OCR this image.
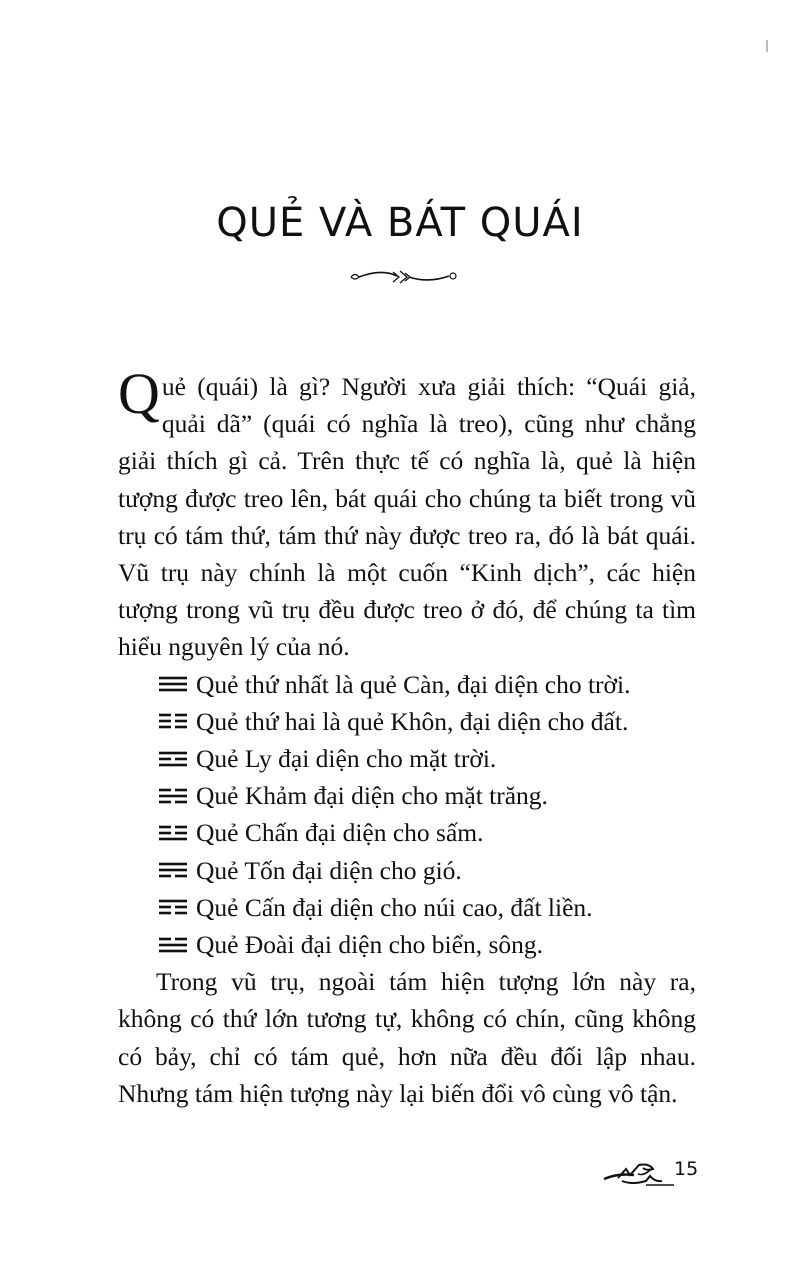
QUẺ VÀ BÁT QUÁI

Quẻ (quái) là gì? Người xưa giải thích: “Quái giả, quải dã” (quái có nghĩa là treo), cũng như chẳng giải thích gì cả. Trên thực tế có nghĩa là, quẻ là hiện tượng được treo lên, bát quái cho chúng ta biết trong vũ trụ có tám thứ, tám thứ này được treo ra, đó là bát quái. Vũ trụ này chính là một cuốn “Kinh dịch”, các hiện tượng trong vũ trụ đều được treo ở đó, để chúng ta tìm hiểu nguyên lý của nó.

Quẻ thứ nhất là quẻ Càn, đại diện cho trời.
Quẻ thứ hai là quẻ Khôn, đại diện cho đất.
Quẻ Ly đại diện cho mặt trời.
Quẻ Khảm đại diện cho mặt trăng.
Quẻ Chấn đại diện cho sấm.
Quẻ Tốn đại diện cho gió.
Quẻ Cấn đại diện cho núi cao, đất liền.
Quẻ Đoài đại diện cho biển, sông.

Trong vũ trụ, ngoài tám hiện tượng lớn này ra, không có thứ lớn tương tự, không có chín, cũng không có bảy, chỉ có tám quẻ, hơn nữa đều đối lập nhau. Nhưng tám hiện tượng này lại biến đổi vô cùng vô tận.

15
